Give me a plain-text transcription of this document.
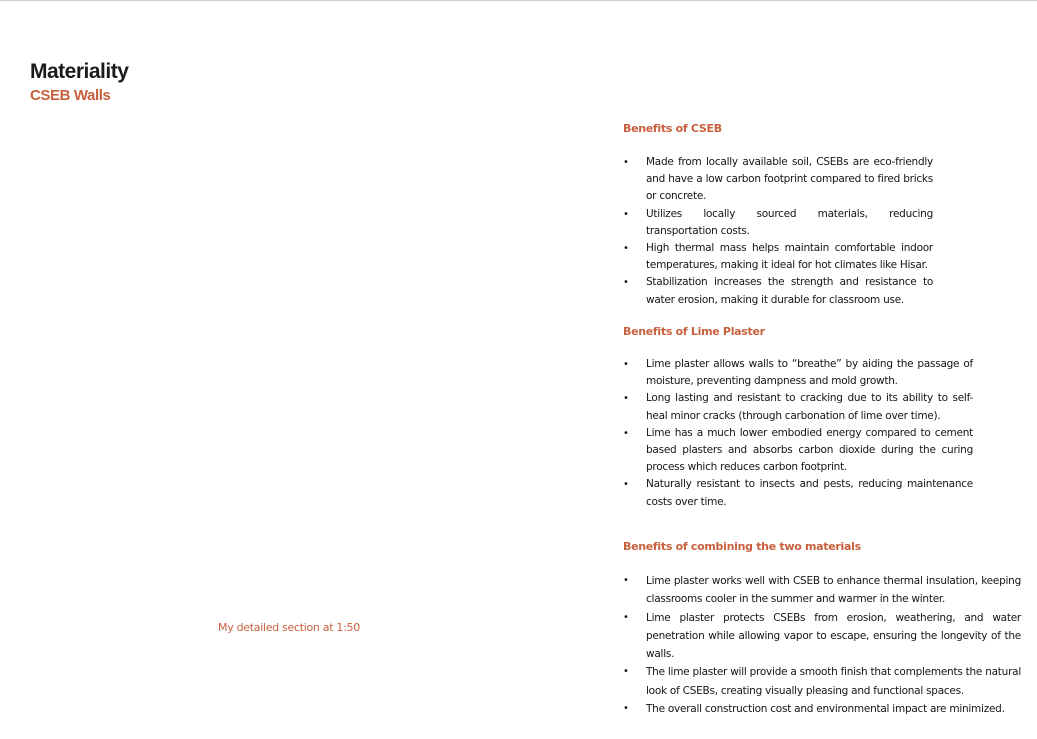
Materiality
CSEB Walls
My detailed section at 1:50
Benefits of CSEB
• Made from locally available soil, CSEBs are eco-friendly and have a low carbon footprint compared to fired bricks or concrete.
• Utilizes locally sourced materials, reducing transportation costs.
• High thermal mass helps maintain comfortable indoor temperatures, making it ideal for hot climates like Hisar.
• Stabilization increases the strength and resistance to water erosion, making it durable for classroom use.
Benefits of Lime Plaster
• Lime plaster allows walls to “breathe” by aiding the passage of moisture, preventing dampness and mold growth.
• Long lasting and resistant to cracking due to its ability to self-heal minor cracks (through carbonation of lime over time).
• Lime has a much lower embodied energy compared to cement based plasters and absorbs carbon dioxide during the curing process which reduces carbon footprint.
• Naturally resistant to insects and pests, reducing maintenance costs over time.
Benefits of combining the two materials
• Lime plaster works well with CSEB to enhance thermal insulation, keeping classrooms cooler in the summer and warmer in the winter.
• Lime plaster protects CSEBs from erosion, weathering, and water penetration while allowing vapor to escape, ensuring the longevity of the walls.
• The lime plaster will provide a smooth finish that complements the natural look of CSEBs, creating visually pleasing and functional spaces.
• The overall construction cost and environmental impact are minimized.
